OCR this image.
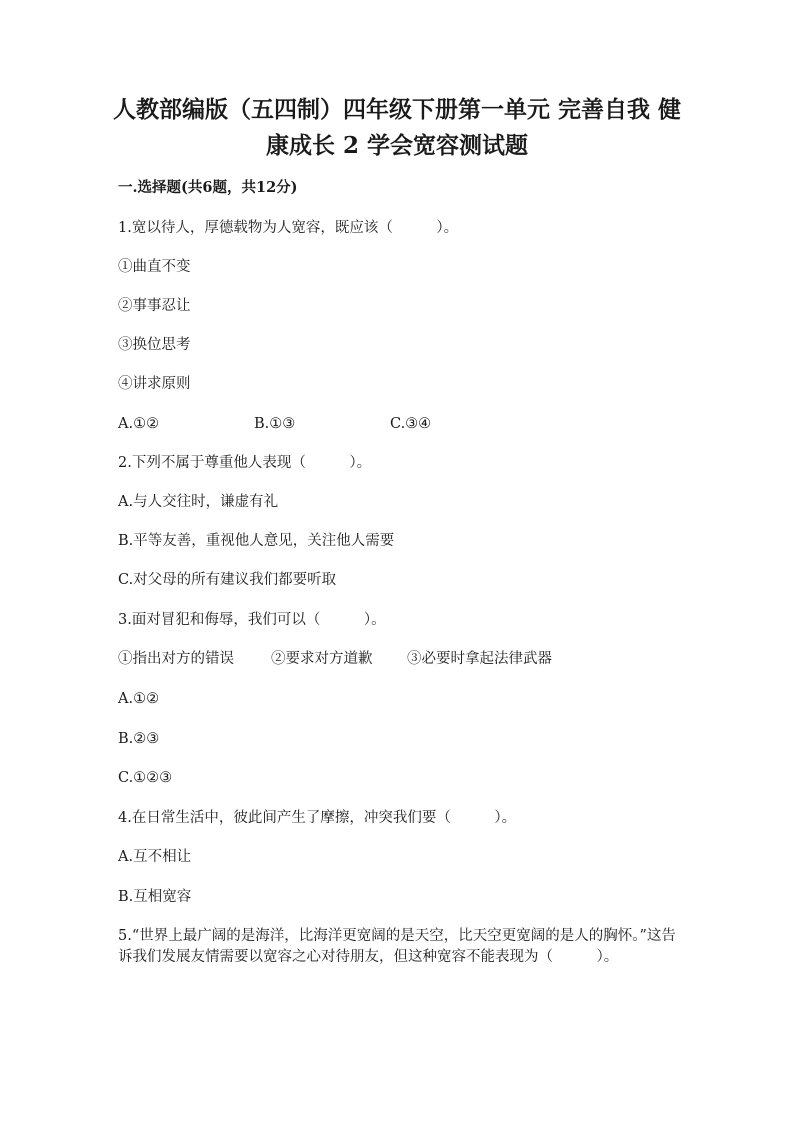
人教部编版（五四制）四年级下册第一单元 完善自我 健康成长 2 学会宽容测试题

一.选择题(共6题，共12分)

1.宽以待人，厚德载物为人宽容，既应该（　　　）。

①曲直不变

②事事忍让

③换位思考

④讲求原则

A.①②	B.①③	C.③④

2.下列不属于尊重他人表现（　　　）。

A.与人交往时，谦虚有礼

B.平等友善，重视他人意见，关注他人需要

C.对父母的所有建议我们都要听取

3.面对冒犯和侮辱，我们可以（　　　）。

①指出对方的错误	②要求对方道歉 ③必要时拿起法律武器

A.①②

B.②③

C.①②③

4.在日常生活中，彼此间产生了摩擦，冲突我们要（　　　）。

A.互不相让

B.互相宽容

5.“世界上最广阔的是海洋，比海洋更宽阔的是天空，比天空更宽阔的是人的胸怀。”这告诉我们发展友情需要以宽容之心对待朋友，但这种宽容不能表现为（　　　）。
